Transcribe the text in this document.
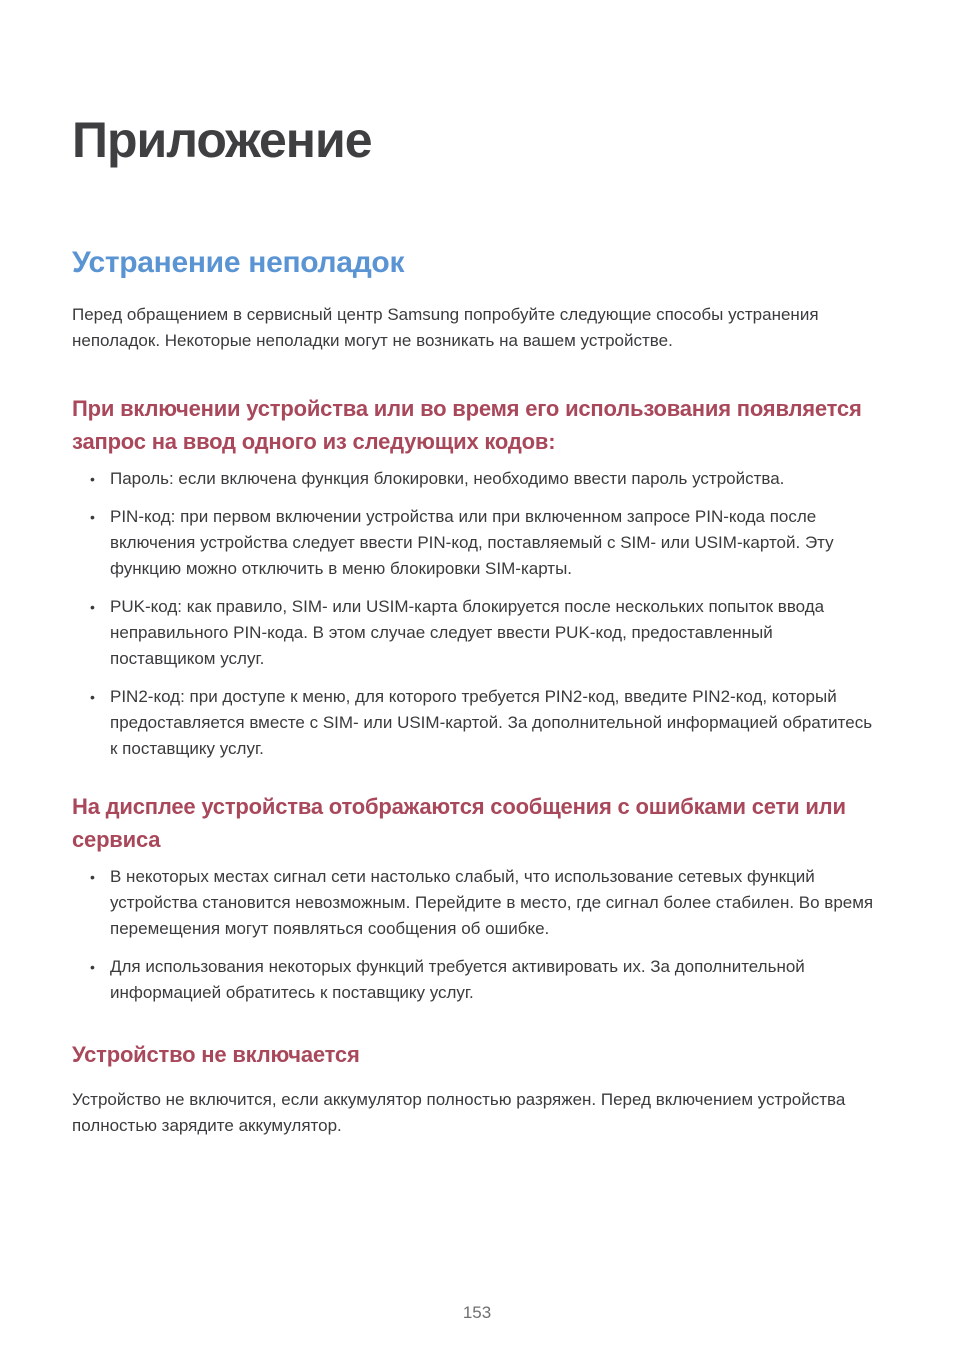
Приложение
Устранение неполадок

Перед обращением в сервисный центр Samsung попробуйте следующие способы устранения неполадок. Некоторые неполадки могут не возникать на вашем устройстве.

При включении устройства или во время его использования появляется запрос на ввод одного из следующих кодов:
• Пароль: если включена функция блокировки, необходимо ввести пароль устройства.
• PIN-код: при первом включении устройства или при включенном запросе PIN-кода после включения устройства следует ввести PIN-код, поставляемый с SIM- или USIM-картой. Эту функцию можно отключить в меню блокировки SIM-карты.
• PUK-код: как правило, SIM- или USIM-карта блокируется после нескольких попыток ввода неправильного PIN-кода. В этом случае следует ввести PUK-код, предоставленный поставщиком услуг.
• PIN2-код: при доступе к меню, для которого требуется PIN2-код, введите PIN2-код, который предоставляется вместе с SIM- или USIM-картой. За дополнительной информацией обратитесь к поставщику услуг.
На дисплее устройства отображаются сообщения с ошибками сети или сервиса
• В некоторых местах сигнал сети настолько слабый, что использование сетевых функций устройства становится невозможным. Перейдите в место, где сигнал более стабилен. Во время перемещения могут появляться сообщения об ошибке.
• Для использования некоторых функций требуется активировать их. За дополнительной информацией обратитесь к поставщику услуг.
Устройство не включается

Устройство не включится, если аккумулятор полностью разряжен. Перед включением устройства полностью зарядите аккумулятор.

153
